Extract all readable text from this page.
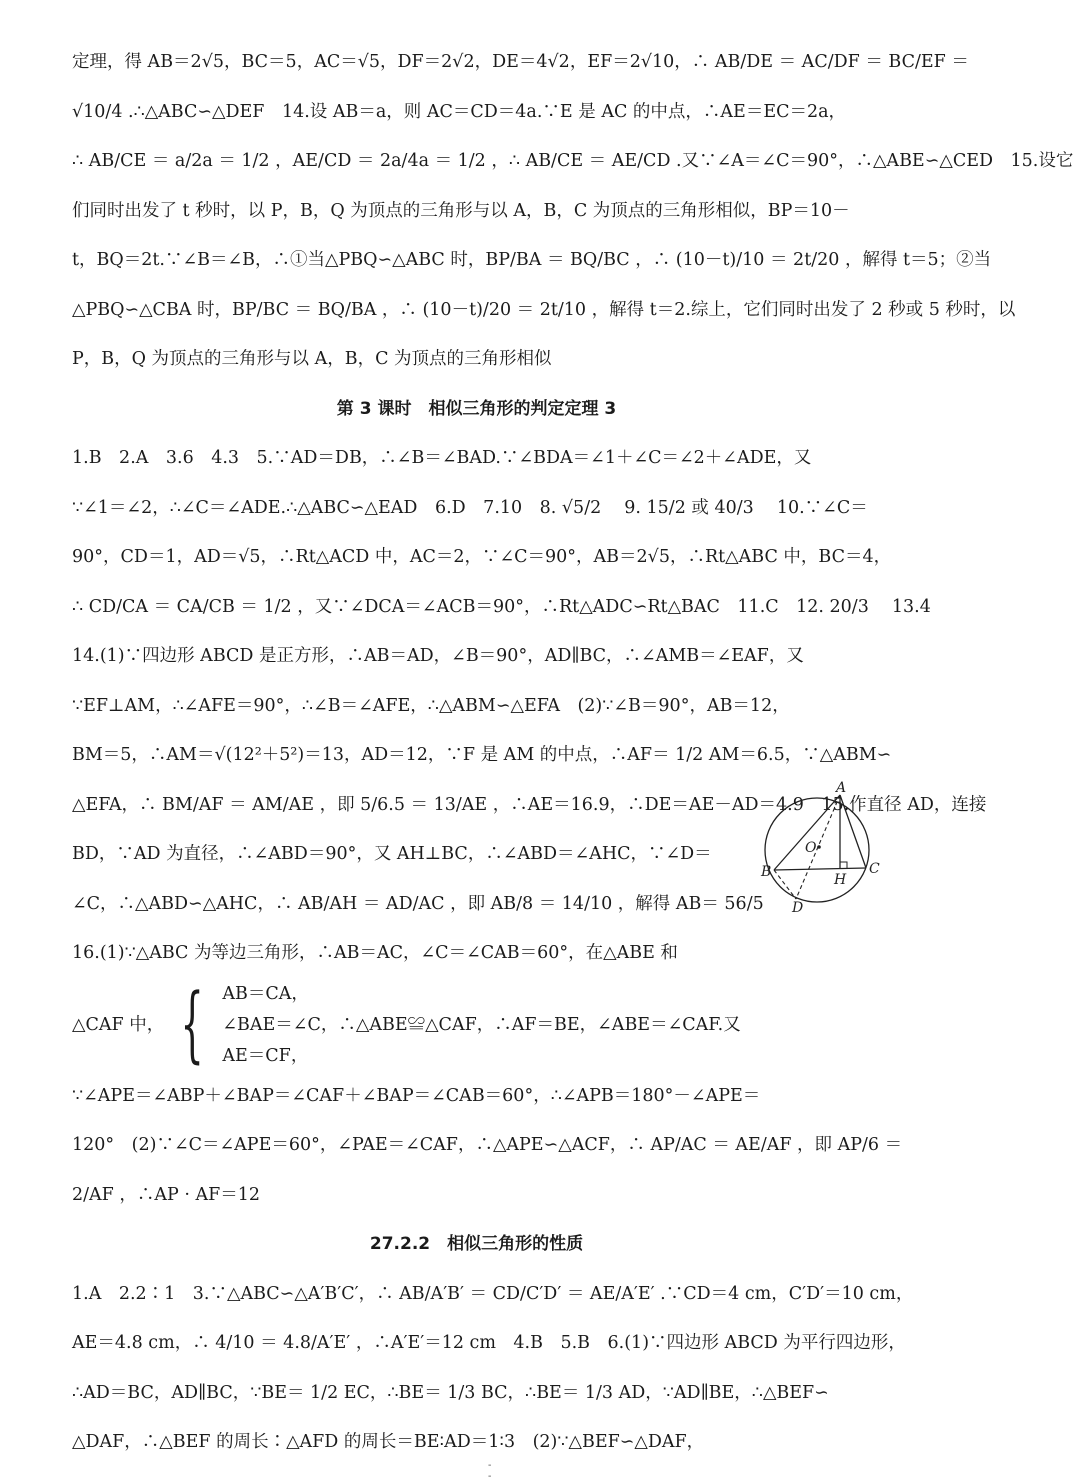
定理，得 AB＝2√5，BC＝5，AC＝√5，DF＝2√2，DE＝4√2，EF＝2√10，∴ AB/DE ＝ AC/DF ＝ BC/EF ＝
√10/4 .∴△ABC∽△DEF　14.设 AB＝a，则 AC＝CD＝4a.∵E 是 AC 的中点，∴AE＝EC＝2a，
∴ AB/CE ＝ a/2a ＝ 1/2 ，AE/CD ＝ 2a/4a ＝ 1/2 ，∴ AB/CE ＝ AE/CD .又∵∠A＝∠C＝90°，∴△ABE∽△CED　15.设它
们同时出发了 t 秒时，以 P，B，Q 为顶点的三角形与以 A，B，C 为顶点的三角形相似，BP＝10－
t，BQ＝2t.∵∠B＝∠B，∴①当△PBQ∽△ABC 时，BP/BA ＝ BQ/BC ，∴ (10－t)/10 ＝ 2t/20 ，解得 t＝5；②当
△PBQ∽△CBA 时，BP/BC ＝ BQ/BA ，∴ (10－t)/20 ＝ 2t/10 ，解得 t＝2.综上，它们同时出发了 2 秒或 5 秒时，以
P，B，Q 为顶点的三角形与以 A，B，C 为顶点的三角形相似
第 3 课时　相似三角形的判定定理 3
1.B　2.A　3.6　4.3　5.∵AD＝DB，∴∠B＝∠BAD.∵∠BDA＝∠1＋∠C＝∠2＋∠ADE，又
∵∠1＝∠2，∴∠C＝∠ADE.∴△ABC∽△EAD　6.D　7.10　8. √5/2 　9. 15/2 或 40/3 　10.∵∠C＝
90°，CD＝1，AD＝√5，∴Rt△ACD 中，AC＝2，∵∠C＝90°，AB＝2√5，∴Rt△ABC 中，BC＝4，
∴ CD/CA ＝ CA/CB ＝ 1/2 ，又∵∠DCA＝∠ACB＝90°，∴Rt△ADC∽Rt△BAC　11.C　12. 20/3 　13.4
14.(1)∵四边形 ABCD 是正方形，∴AB＝AD，∠B＝90°，AD∥BC，∴∠AMB＝∠EAF，又
∵EF⊥AM，∴∠AFE＝90°，∴∠B＝∠AFE，∴△ABM∽△EFA　(2)∵∠B＝90°，AB＝12，
BM＝5，∴AM＝√(12²＋5²)＝13，AD＝12，∵F 是 AM 的中点，∴AF＝ 1/2 AM＝6.5，∵△ABM∽
△EFA，∴ BM/AF ＝ AM/AE ，即 5/6.5 ＝ 13/AE ，∴AE＝16.9，∴DE＝AE－AD＝4.9　15.作直径 AD，连接
BD，∵AD 为直径，∴∠ABD＝90°，又 AH⊥BC，∴∠ABD＝∠AHC，∵∠D＝
∠C，∴△ABD∽△AHC，∴ AB/AH ＝ AD/AC ，即 AB/8 ＝ 14/10 ，解得 AB＝ 56/5
16.(1)∵△ABC 为等边三角形，∴AB＝AC，∠C＝∠CAB＝60°，在△ABE 和
△CAF 中， { AB＝CA，
∠BAE＝∠C，∴△ABE≌△CAF，∴AF＝BE，∠ABE＝∠CAF.又
AE＝CF，
∵∠APE＝∠ABP＋∠BAP＝∠CAF＋∠BAP＝∠CAB＝60°，∴∠APB＝180°－∠APE＝
120°　(2)∵∠C＝∠APE＝60°，∠PAE＝∠CAF，∴△APE∽△ACF，∴ AP/AC ＝ AE/AF ，即 AP/6 ＝
2/AF ，∴AP · AF＝12
27.2.2　相似三角形的性质
1.A　2.2∶1　3.∵△ABC∽△A′B′C′，∴ AB/A′B′ ＝ CD/C′D′ ＝ AE/A′E′ .∵CD＝4 cm，C′D′＝10 cm，
AE＝4.8 cm，∴ 4/10 ＝ 4.8/A′E′ ，∴A′E′＝12 cm　4.B　5.B　6.(1)∵四边形 ABCD 为平行四边形，
∴AD＝BC，AD∥BC，∵BE＝ 1/2 EC，∴BE＝ 1/3 BC，∴BE＝ 1/3 AD，∵AD∥BE，∴△BEF∽
△DAF，∴△BEF 的周长∶△AFD 的周长＝BE∶AD＝1∶3　(2)∵△BEF∽△DAF，
A
B	C
D
H
O
- -
